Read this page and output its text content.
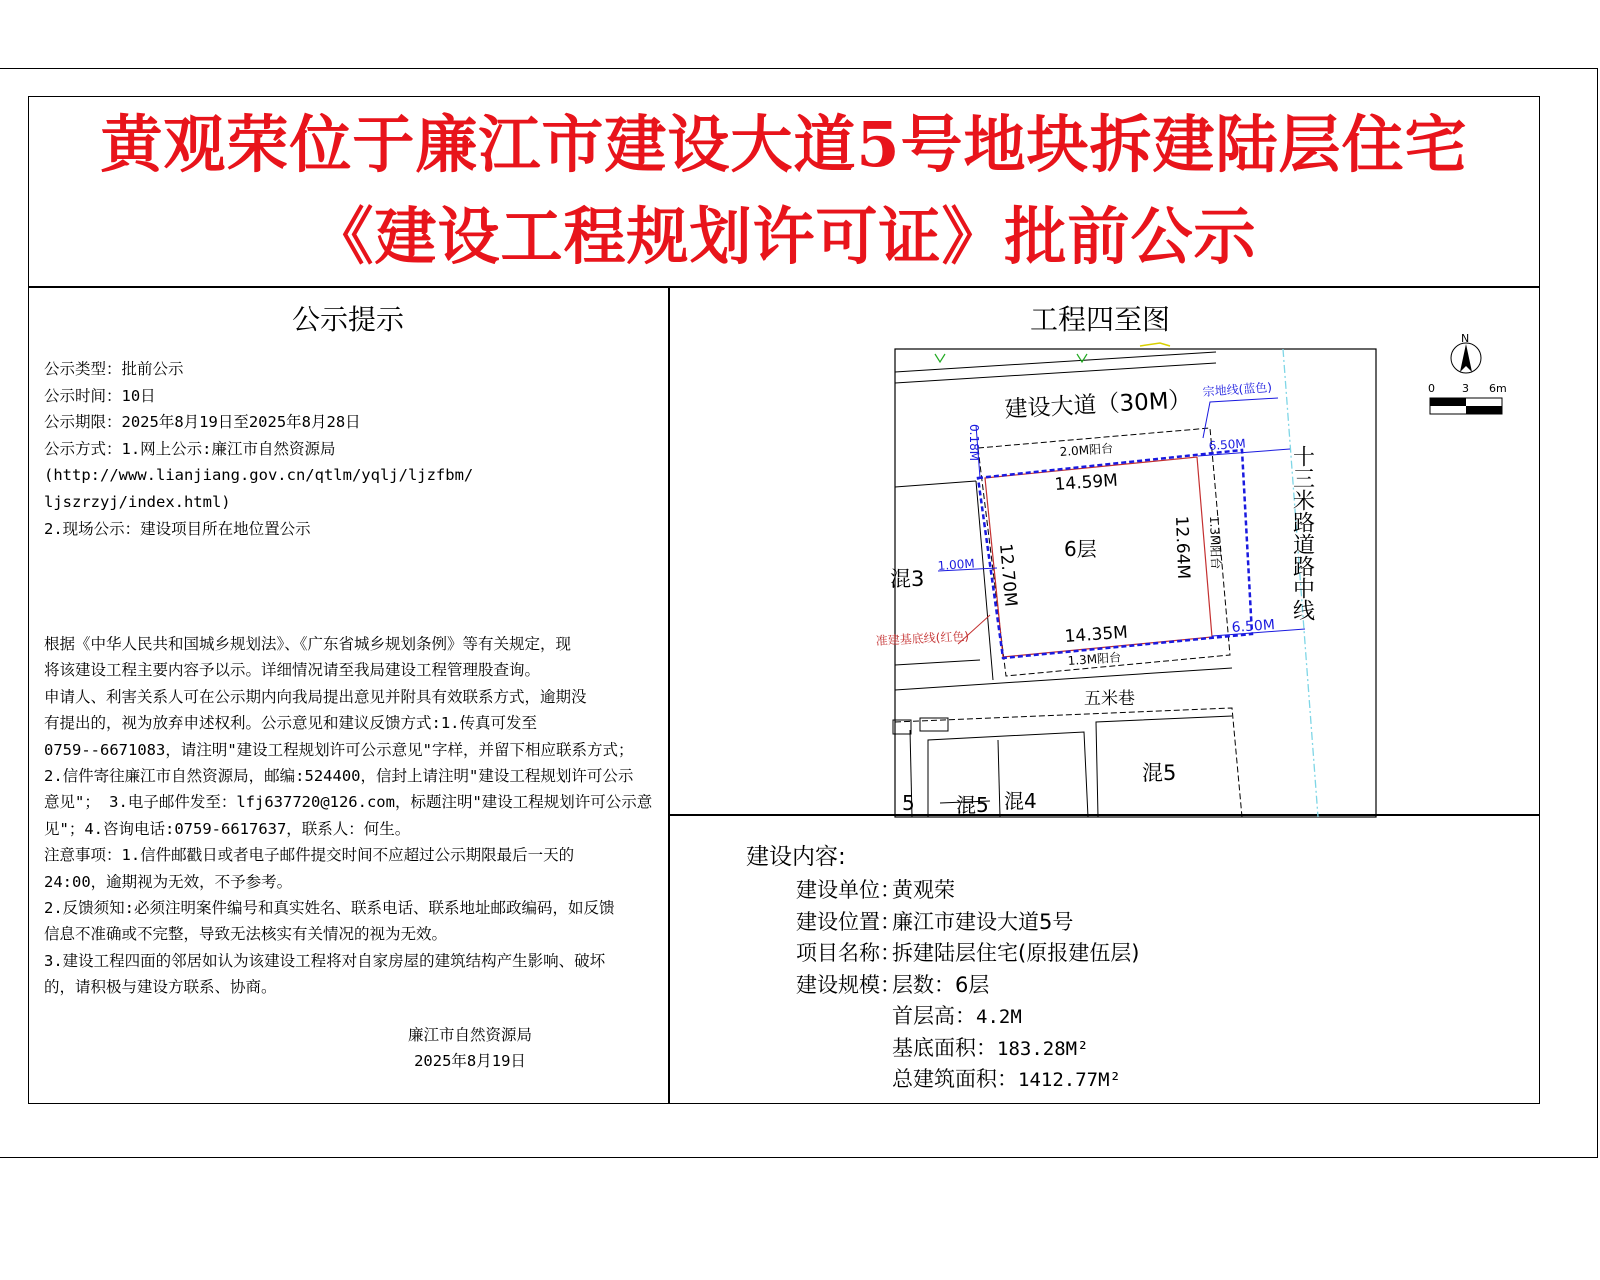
黄观荣位于廉江市建设大道5号地块拆建陆层住宅
《建设工程规划许可证》批前公示
公示提示
公示类型：批前公示
公示时间：10日
公示期限：2025年8月19日至2025年8月28日
公示方式：1.网上公示:廉江市自然资源局
(http://www.lianjiang.gov.cn/qtlm/yqlj/ljzfbm/
ljszrzyj/index.html)
2.现场公示：建设项目所在地位置公示
根据《中华人民共和国城乡规划法》、《广东省城乡规划条例》等有关规定，现
将该建设工程主要内容予以示。详细情况请至我局建设工程管理股查询。
申请人、利害关系人可在公示期内向我局提出意见并附具有效联系方式，逾期没
有提出的，视为放弃申述权利。公示意见和建议反馈方式:1.传真可发至
0759--6671083，请注明"建设工程规划许可公示意见"字样，并留下相应联系方式；
2.信件寄往廉江市自然资源局，邮编:524400，信封上请注明"建设工程规划许可公示
意见"； 3.电子邮件发至：lfj637720@126.com，标题注明"建设工程规划许可公示意
见"；4.咨询电话:0759-6617637，联系人：何生。
注意事项：1.信件邮戳日或者电子邮件提交时间不应超过公示期限最后一天的
24:00，逾期视为无效，不予参考。
2.反馈须知:必须注明案件编号和真实姓名、联系电话、联系地址邮政编码，如反馈
信息不准确或不完整，导致无法核实有关情况的视为无效。
3.建设工程四面的邻居如认为该建设工程将对自家房屋的建筑结构产生影响、破坏
的，请积极与建设方联系、协商。
廉江市自然资源局
2025年8月19日
工程四至图
建设大道（30M） 宗地线(蓝色)
2.0M阳台
14.59M
6层
14.35M
1.3M阳台
12.70M	12.64M 1.3M阳台
0.18M
1.00M
6.50M
6.50M
准建基底线(红色)
混3
五米巷
5 混5 混4
混5
十三米路道路中线
N
0 3 6m
建设内容:
建设单位：黄观荣
建设位置：廉江市建设大道5号
项目名称：拆建陆层住宅(原报建伍层)
建设规模：层数：6层
首层高：4.2M
基底面积：183.28M²
总建筑面积：1412.77M²
